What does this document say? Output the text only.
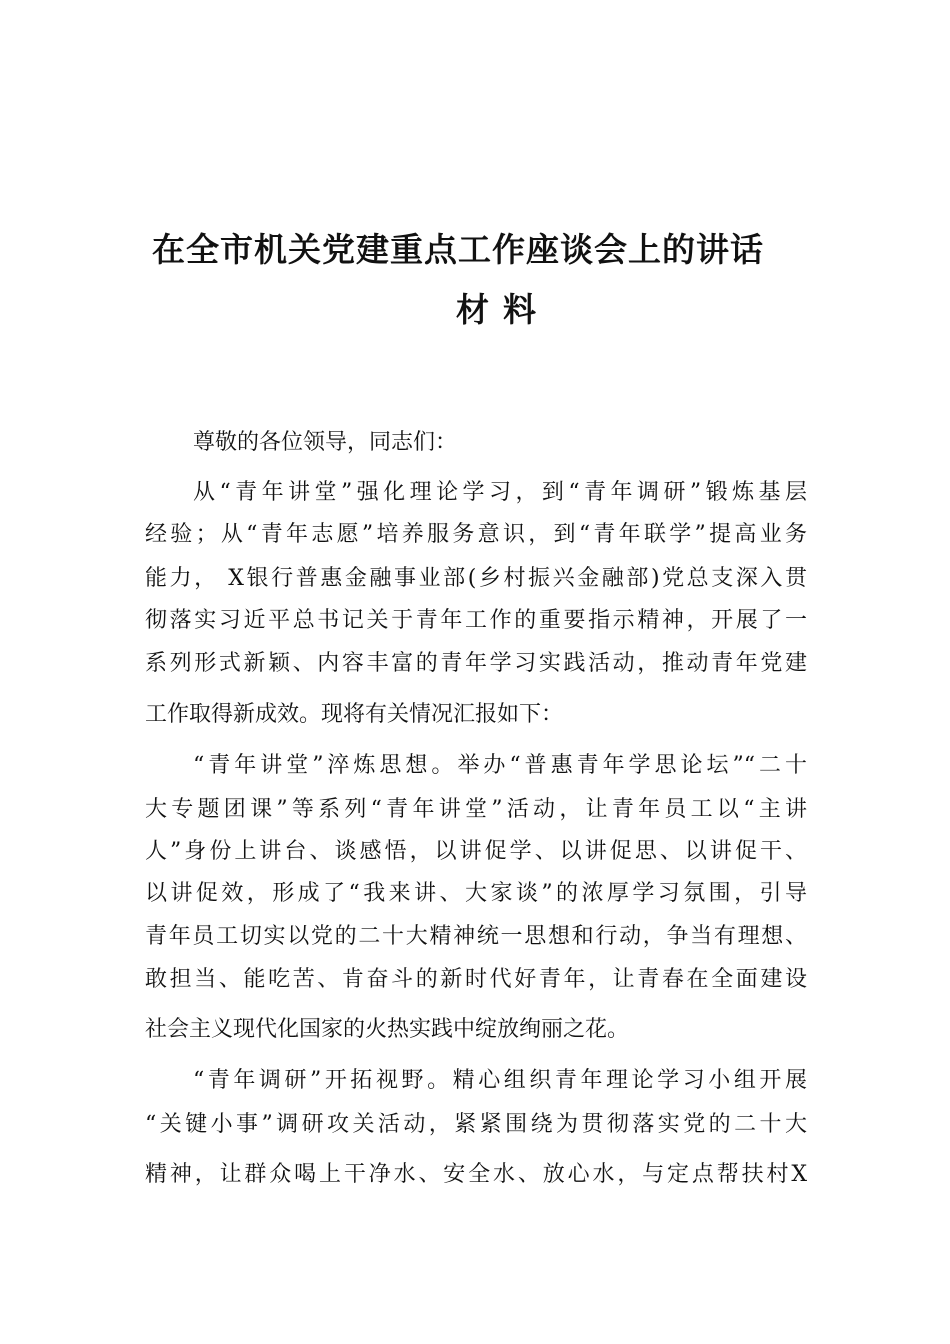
在全市机关党建重点工作座谈会上的讲话
材料
尊敬的各位领导，同志们：
从“青年讲堂”强化理论学习，到“青年调研”锻炼基层
经验；从“青年志愿”培养服务意识，到“青年联学”提高业务
能力， X银行普惠金融事业部(乡村振兴金融部)党总支深入贯
彻落实习近平总书记关于青年工作的重要指示精神，开展了一
系列形式新颖、内容丰富的青年学习实践活动，推动青年党建
工作取得新成效。现将有关情况汇报如下：
“青年讲堂”淬炼思想。举办“普惠青年学思论坛”“二十
大专题团课”等系列“青年讲堂”活动，让青年员工以“主讲
人”身份上讲台、谈感悟，以讲促学、以讲促思、以讲促干、
以讲促效，形成了“我来讲、大家谈”的浓厚学习氛围，引导
青年员工切实以党的二十大精神统一思想和行动，争当有理想、
敢担当、能吃苦、肯奋斗的新时代好青年，让青春在全面建设
社会主义现代化国家的火热实践中绽放绚丽之花。
“青年调研”开拓视野。精心组织青年理论学习小组开展
“关键小事”调研攻关活动，紧紧围绕为贯彻落实党的二十大
精神，让群众喝上干净水、安全水、放心水，与定点帮扶村X
